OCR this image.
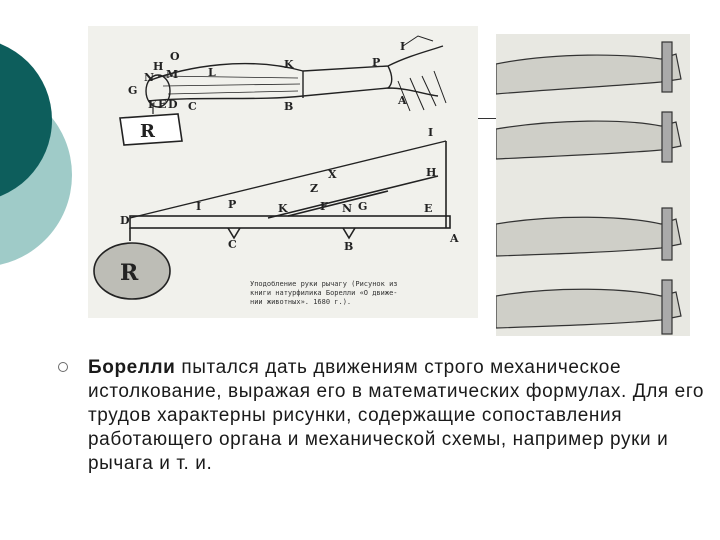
R
I
O
H
M
N	L
K	P
G
F E D C	B	A
R
I
X	H
Z
I P	K	F N G	E
D
C	B
A

Уподобление руки рычагу (Рисунок из
книги натурфилика Борелли «О движе-
нии животных». 1680 г.).

Борелли пытался дать движениям строго механическое истолкование, выражая его в математических формулах. Для его трудов характерны рисунки, содержащие сопоставления работающего органа и механической схемы, например руки и рычага и т. и.
